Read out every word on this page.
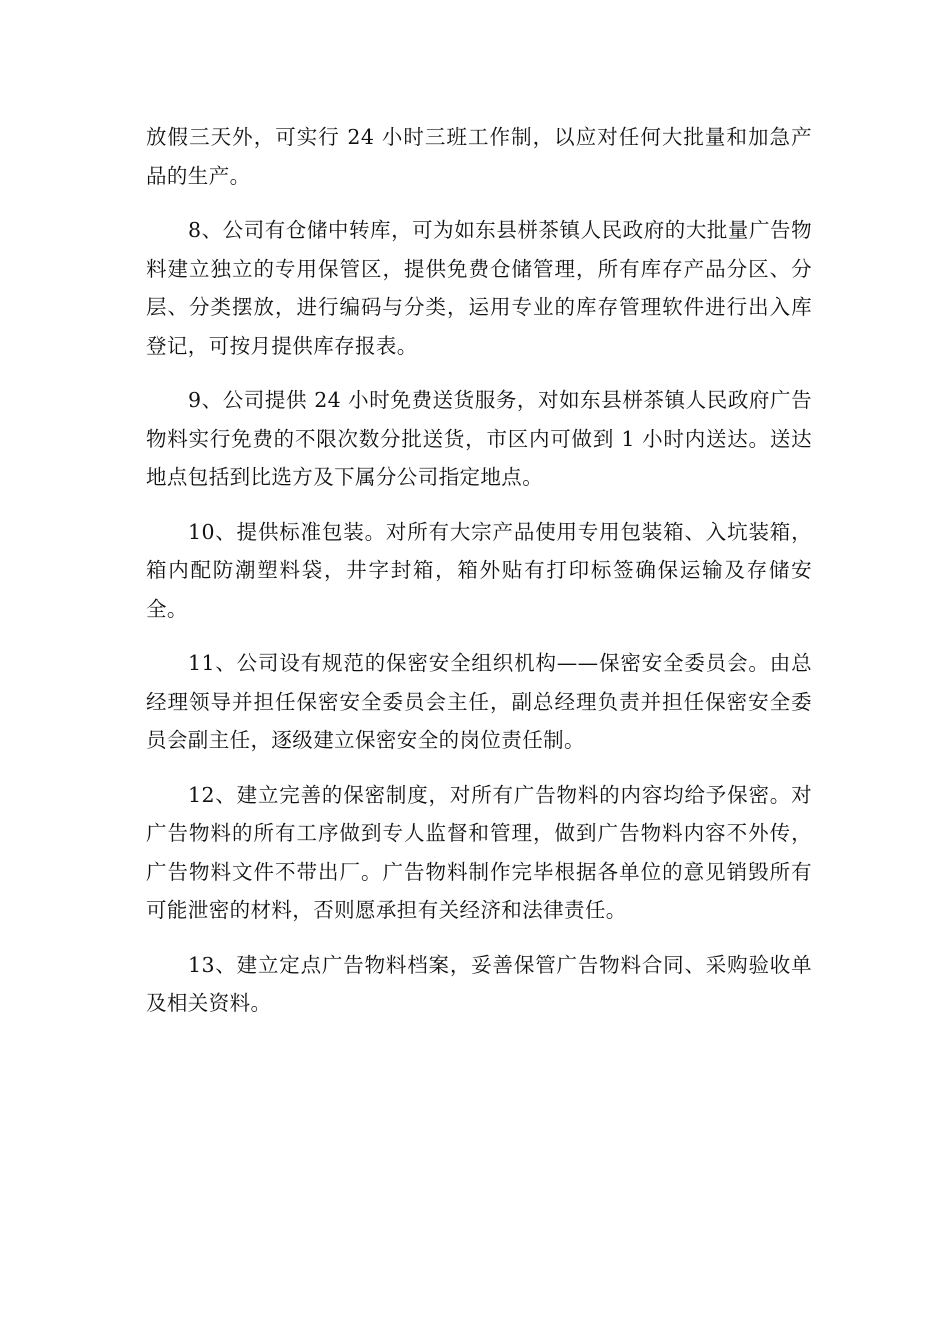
放假三天外，可实行 24 小时三班工作制，以应对任何大批量和加急产品的生产。

8、公司有仓储中转库，可为如东县栟茶镇人民政府的大批量广告物料建立独立的专用保管区，提供免费仓储管理，所有库存产品分区、分层、分类摆放，进行编码与分类，运用专业的库存管理软件进行出入库登记，可按月提供库存报表。

9、公司提供 24 小时免费送货服务，对如东县栟茶镇人民政府广告物料实行免费的不限次数分批送货，市区内可做到 1 小时内送达。送达地点包括到比选方及下属分公司指定地点。

10、提供标准包装。对所有大宗产品使用专用包装箱、入坑装箱，箱内配防潮塑料袋，井字封箱，箱外贴有打印标签确保运输及存储安全。

11、公司设有规范的保密安全组织机构——保密安全委员会。由总经理领导并担任保密安全委员会主任，副总经理负责并担任保密安全委员会副主任，逐级建立保密安全的岗位责任制。

12、建立完善的保密制度，对所有广告物料的内容均给予保密。对广告物料的所有工序做到专人监督和管理，做到广告物料内容不外传，广告物料文件不带出厂。广告物料制作完毕根据各单位的意见销毁所有可能泄密的材料，否则愿承担有关经济和法律责任。

13、建立定点广告物料档案，妥善保管广告物料合同、采购验收单及相关资料。
